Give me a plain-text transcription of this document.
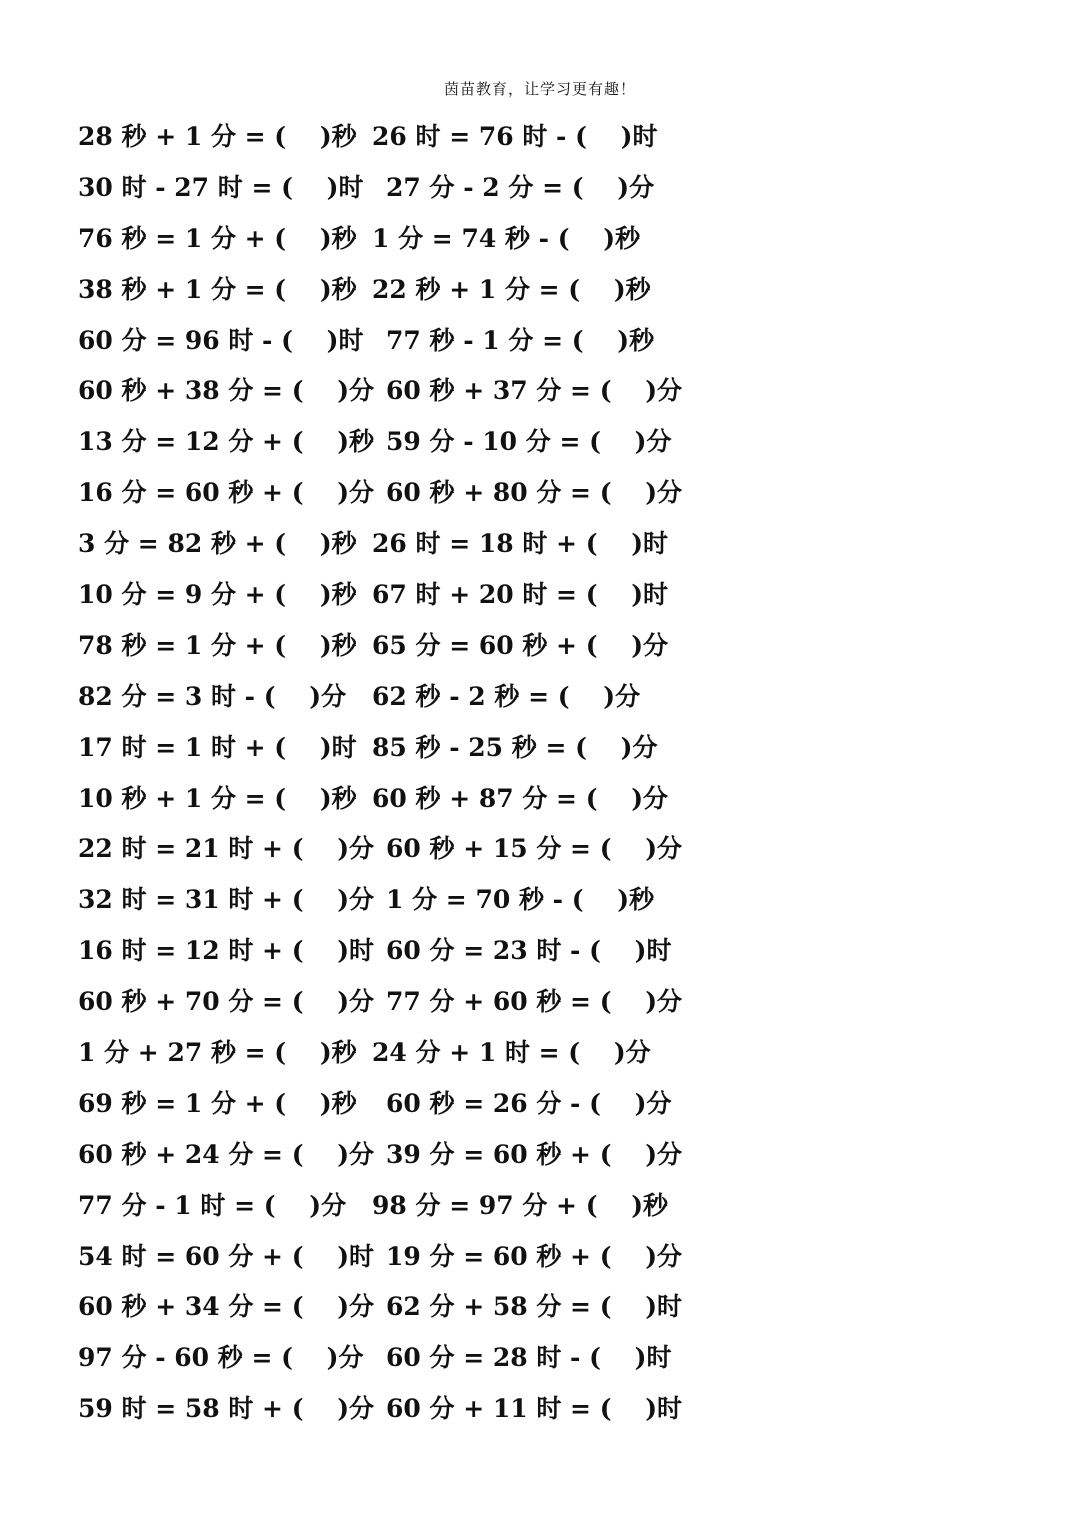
茵苗教育，让学习更有趣！
28 秒 + 1 分 = (　 )秒 26 时 = 76 时 - (　 )时
30 时 - 27 时 = (　 )时 27 分 - 2 分 = (　 )分
76 秒 = 1 分 + (　 )秒 1 分 = 74 秒 - (　 )秒
38 秒 + 1 分 = (　 )秒 22 秒 + 1 分 = (　 )秒
60 分 = 96 时 - (　 )时 77 秒 - 1 分 = (　 )秒
60 秒 + 38 分 = (　 )分 60 秒 + 37 分 = (　 )分
13 分 = 12 分 + (　 )秒 59 分 - 10 分 = (　 )分
16 分 = 60 秒 + (　 )分 60 秒 + 80 分 = (　 )分
3 分 = 82 秒 + (　 )秒 26 时 = 18 时 + (　 )时
10 分 = 9 分 + (　 )秒 67 时 + 20 时 = (　 )时
78 秒 = 1 分 + (　 )秒 65 分 = 60 秒 + (　 )分
82 分 = 3 时 - (　 )分 62 秒 - 2 秒 = (　 )分
17 时 = 1 时 + (　 )时 85 秒 - 25 秒 = (　 )分
10 秒 + 1 分 = (　 )秒 60 秒 + 87 分 = (　 )分
22 时 = 21 时 + (　 )分 60 秒 + 15 分 = (　 )分
32 时 = 31 时 + (　 )分 1 分 = 70 秒 - (　 )秒
16 时 = 12 时 + (　 )时 60 分 = 23 时 - (　 )时
60 秒 + 70 分 = (　 )分 77 分 + 60 秒 = (　 )分
1 分 + 27 秒 = (　 )秒 24 分 + 1 时 = (　 )分
69 秒 = 1 分 + (　 )秒 60 秒 = 26 分 - (　 )分
60 秒 + 24 分 = (　 )分 39 分 = 60 秒 + (　 )分
77 分 - 1 时 = (　 )分 98 分 = 97 分 + (　 )秒
54 时 = 60 分 + (　 )时 19 分 = 60 秒 + (　 )分
60 秒 + 34 分 = (　 )分 62 分 + 58 分 = (　 )时
97 分 - 60 秒 = (　 )分 60 分 = 28 时 - (　 )时
59 时 = 58 时 + (　 )分 60 分 + 11 时 = (　 )时
